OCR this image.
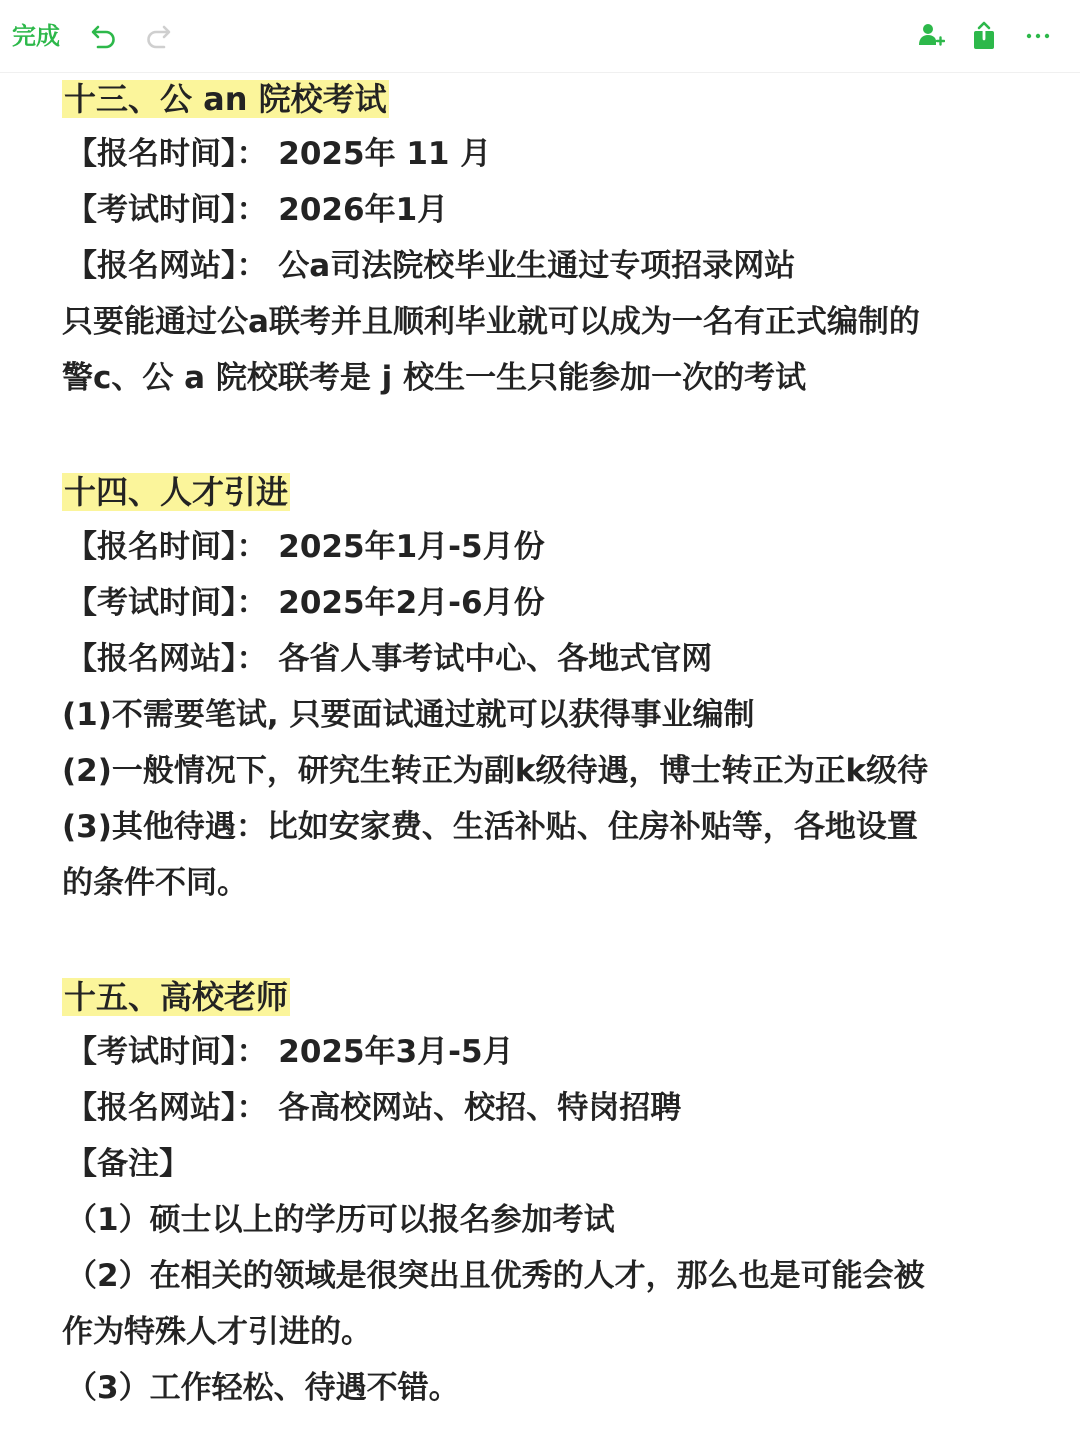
完成
十三、公 an 院校考试
【报名时间】： 2025年 11 月
【考试时间】： 2026年1月
【报名网站】： 公a司法院校毕业生通过专项招录网站
只要能通过公a联考并且顺利毕业就可以成为一名有正式编制的
警c、公 a 院校联考是 j 校生一生只能参加一次的考试
十四、人才引进
【报名时间】： 2025年1月-5月份
【考试时间】： 2025年2月-6月份
【报名网站】： 各省人事考试中心、各地式官网
(1)不需要笔试, 只要面试通过就可以获得事业编制
(2)一般情况下，研究生转正为副k级待遇，博士转正为正k级待
(3)其他待遇：比如安家费、生活补贴、住房补贴等，各地设置
的条件不同。
十五、高校老师
【考试时间】： 2025年3月-5月
【报名网站】： 各高校网站、校招、特岗招聘
【备注】
（1）硕士以上的学历可以报名参加考试
（2）在相关的领域是很突出且优秀的人才，那么也是可能会被
作为特殊人才引进的。
（3）工作轻松、待遇不错。
